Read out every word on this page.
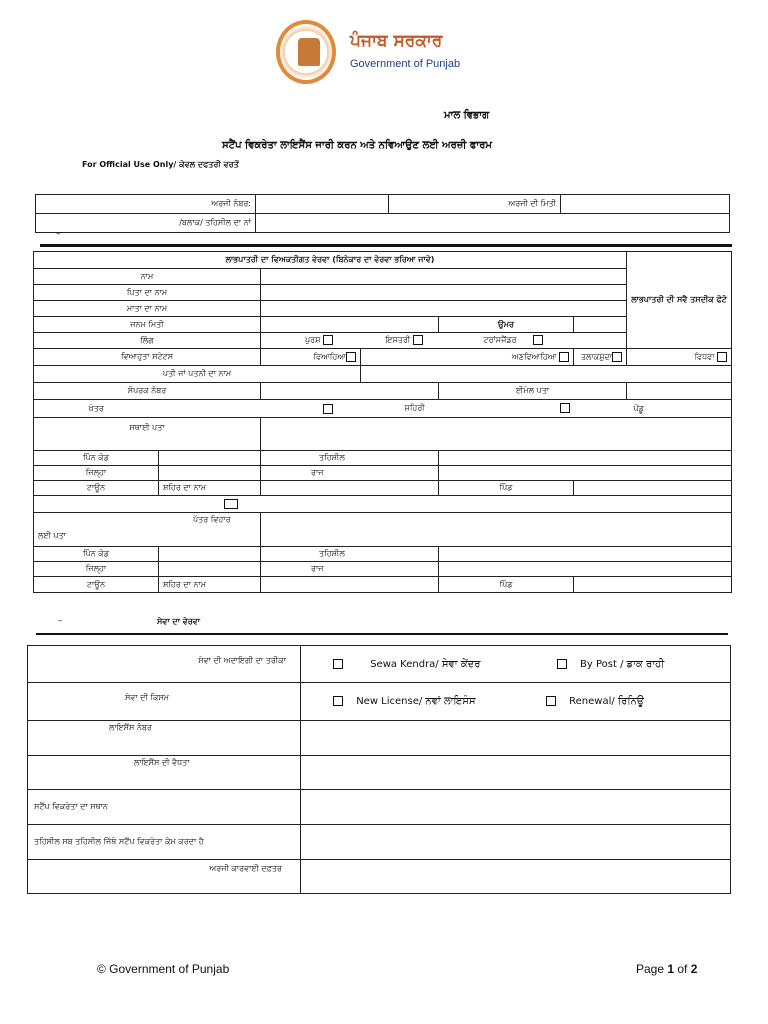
ਪੰਜਾਬ ਸਰਕਾਰ
Government of Punjab
ਮਾਲ ਵਿਭਾਗ
ਸਟੈਂਪ ਵਿਕਰੇਤਾ ਲਾਇਸੈਂਸ ਜਾਰੀ ਕਰਨ ਅਤੇ ਨਵਿਆਉਣ ਲਈ ਅਰਜ਼ੀ ਫਾਰਮ
For Official Use Only/ ਕੇਵਲ ਦਫਤਰੀ ਵਰਤੋਂ
ਅਰਜੀ ਨੰਬਰ:		ਅਰਜੀ ਦੀ ਮਿਤੀ	
/ਬਲਾਕ/ ਤਹਿਸੀਲ ਦਾ ਨਾਂ			
–
ਲਾਭਪਾਤਰੀ ਦਾ ਵਿਅਕਤੀਗਤ ਵੇਰਵਾ (ਬਿਨੇਕਾਰ ਦਾ ਵੇਰਵਾ ਭਰਿਆ ਜਾਵੇ)						ਲਾਭਪਾਤਰੀ ਦੀ ਸਵੈ ਤਸਦੀਕ ਫੋਟੋ
ਨਾਮ						
ਪਿਤਾ ਦਾ ਨਾਮ						
ਮਾਤਾ ਦਾ ਨਾਮ						
ਜਨਮ ਮਿਤੀ				ਉਮਰ		
ਲਿੰਗ		ਪੁਰਸ਼ ਇਸਤਰੀ ਟਰਾਂਸਜੈਂਡਰ				
ਵਿਆਹੁਤਾ ਸਟੇਟਸ		ਵਿਆਹਿਆ	ਅਣਵਿਆਹਿਆ		ਤਲਾਕਸ਼ੁਦਾ	ਵਿਧਵਾ
ਪਤੀ ਜਾਂ ਪਤਨੀ ਦਾ ਨਾਮ						
ਸੰਪਰਕ ਨੰਬਰ				ਈਮੇਲ ਪਤਾ		
ਖੇਤਰ			ਸ਼ਹਿਰੀ		ਪੇਂਡੂ	
ਸਥਾਈ ਪਤਾ						
ਪਿੰਨ ਕੋਡ		ਤਹਿਸੀਲ				
ਜਿਲ੍ਹਾ		ਰਾਜ				
ਟਾਊਨ	ਸ਼ਹਿਰ ਦਾ ਨਾਮ			ਪਿੰਡ		

ਪੱਤਰ ਵਿਹਾਰ
ਲਈ ਪਤਾ						

ਪਿੰਨ ਕੋਡ		ਤਹਿਸੀਲ				
ਜਿਲ੍ਹਾ		ਰਾਜ				
ਟਾਊਨ	ਸ਼ਹਿਰ ਦਾ ਨਾਮ			ਪਿੰਡ		
–	ਸੇਵਾ ਦਾ ਵੇਰਵਾ
ਸੇਵਾ ਦੀ ਅਦਾਇਗੀ ਦਾ ਤਰੀਕਾ	Sewa Kendra/ ਸੇਵਾ ਕੇਂਦਰ By Post / ਡਾਕ ਰਾਹੀ
ਸੇਵਾ ਦੀ ਕਿਸਮ	New License/ ਨਵਾਂ ਲਾਇਸੰਸ Renewal/ ਰਿਨਿਊ
ਲਾਇਸੈਂਸ ਨੰਬਰ	
ਲਾਇਸੈਂਸ ਦੀ ਵੈਧਤਾ	
ਸਟੈਂਪ ਵਿਕਰੇਤਾ ਦਾ ਸਥਾਨ	
ਤਹਿਸੀਲ ਸਬ ਤਹਿਸੀਲ ਜਿੱਥੇ ਸਟੈਂਪ ਵਿਕਰੇਤਾ ਕੰਮ ਕਰਦਾ ਹੈ	
ਅਰਜੀ ਕਾਰਵਾਈ ਦਫ਼ਤਰ	
© Government of Punjab	Page 1 of 2
